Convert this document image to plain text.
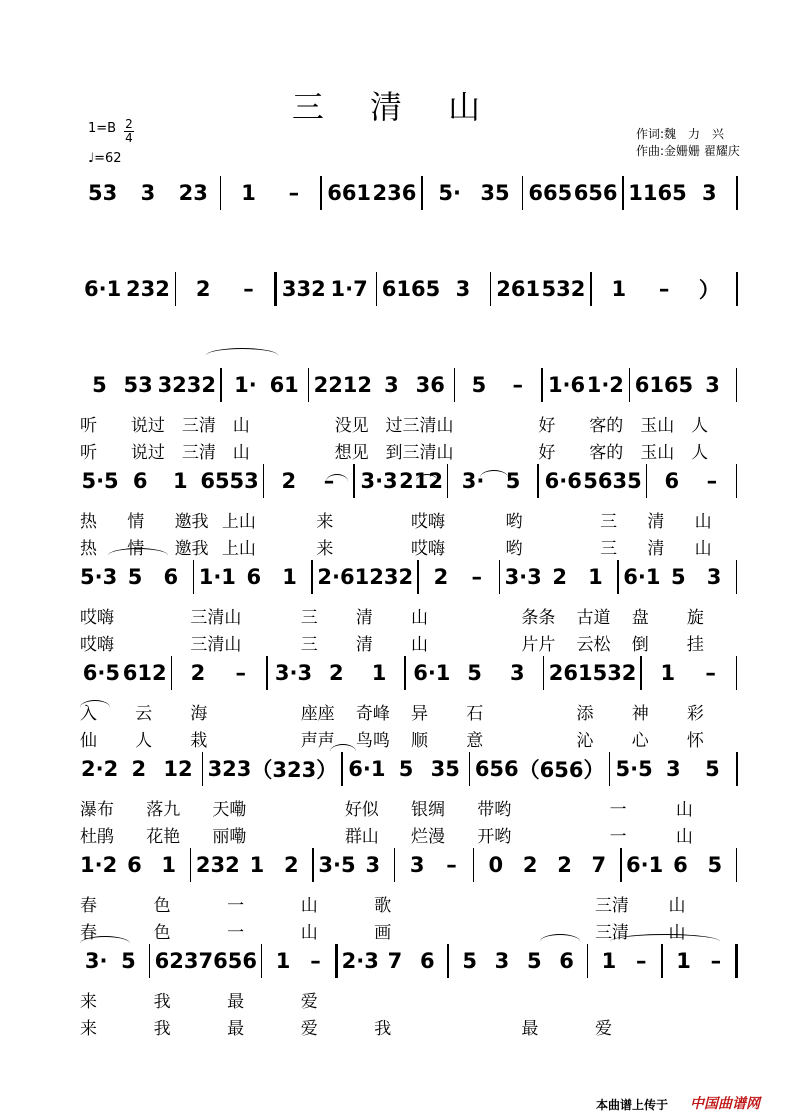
三 清 山
1=B 2
4
♩=62
作词:魏　力　兴
作曲:金姗姗 翟耀庆
53	3	23	1	–	661 236	5· 35 665 656 1165 3
6·1 232	2	–	332 1·7 6165 3	261 532	1	–	）
5 53 3232 1· 61 2212 3 36	5	–	1·6 1·2 6165 3
听	说过 三清 山	没见 过三清 山	好	客的 玉山 人
听	说过 三清 山	想见 到三清 山	好	客的 玉山 人
5·5 6	1 6553	2	–	3·3 212 3·	5	6·6 5635	6	–
热	情	邀我 上山	来	哎嗨	哟	三	清	山
热	情	邀我 上山	来	哎嗨	哟	三	清	山
5·3 5	6 1·1 6	1 2·6 1232 2	–	3·3 2	1 6·1 5	3
哎嗨	三清山	三	清	山	条条	古道	盘	旋
哎嗨	三清山	三	清	山	片片	云松	倒	挂
6·5 612	2	–	3·3 2	1	6·1 5	3	261 532	1	–
入	云	海	座座	奇峰	异	石	添	神	彩
仙	人	栽	声声	鸟鸣	顺	意	沁	心	怀
2·2 2 12 323 （323） 6·1 5 35 656 （656） 5·5 3	5
瀑布	落九	天嘞	好似	银绸	带哟	一	山
杜鹃	花艳	丽嘞	群山	烂漫	开哟	一	山
1·2 6 1 232 1 2 3·5 3	3	–	0 2 2 7 6·1 6 5
春	色	一	山	歌	三清	山
春	色	一	山	画	三清	山
3· 5 623 7656 1 – 2·3 7 6	5 3 5 6	1 –	1 –
来	我	最	爱
来	我	最	爱	我	最	爱
本曲谱上传于 中国曲谱网
